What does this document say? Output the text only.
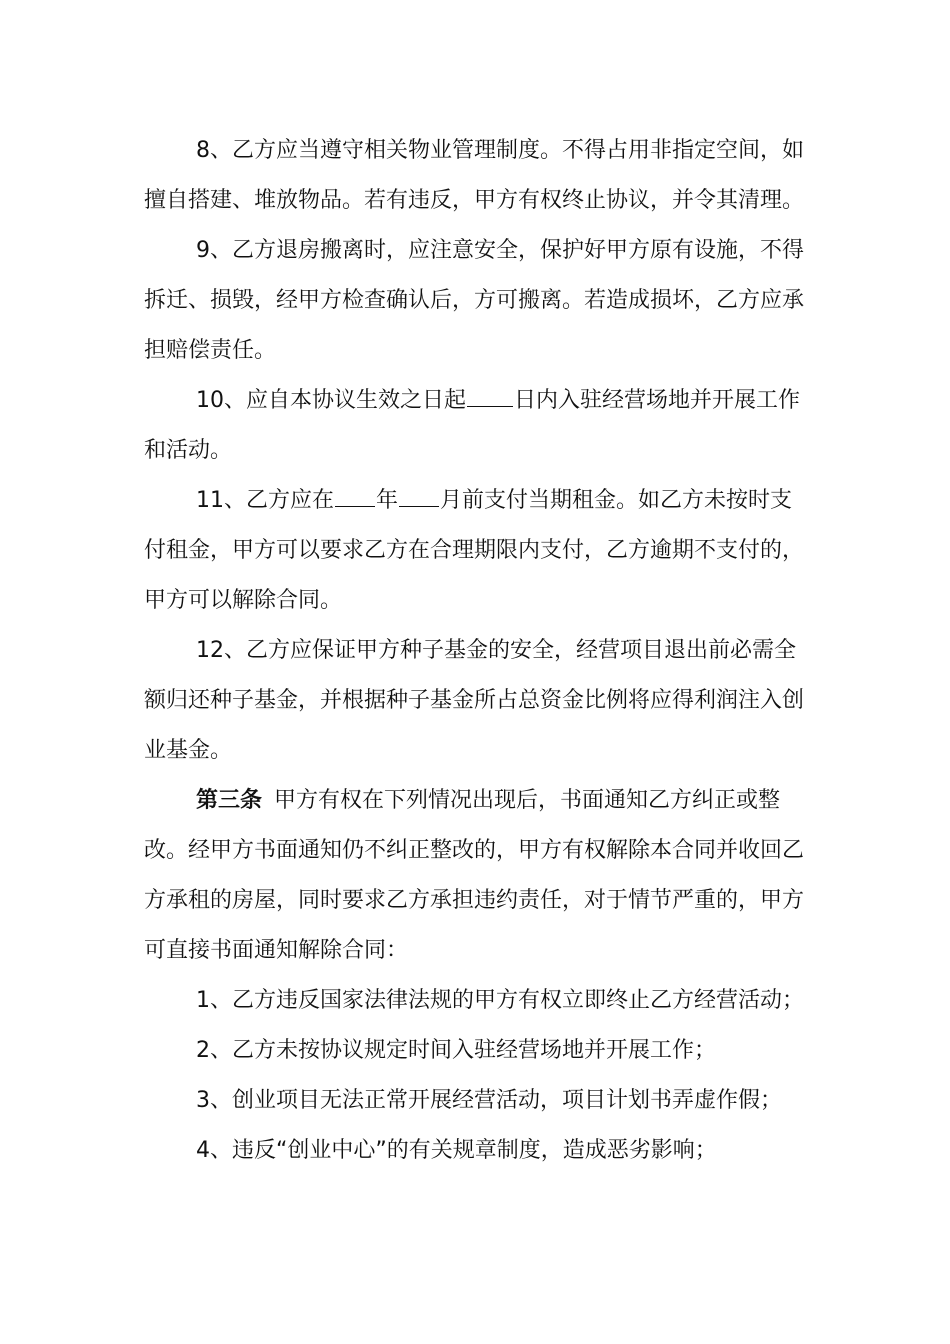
8、乙方应当遵守相关物业管理制度。不得占用非指定空间，如擅自搭建、堆放物品。若有违反，甲方有权终止协议，并令其清理。

9、乙方退房搬离时，应注意安全，保护好甲方原有设施，不得拆迁、损毁，经甲方检查确认后，方可搬离。若造成损坏，乙方应承担赔偿责任。

10、应自本协议生效之日起 日内入驻经营场地并开展工作和活动。

11、乙方应在 年 月前支付当期租金。如乙方未按时支付租金，甲方可以要求乙方在合理期限内支付，乙方逾期不支付的，甲方可以解除合同。

12、乙方应保证甲方种子基金的安全，经营项目退出前必需全额归还种子基金，并根据种子基金所占总资金比例将应得利润注入创业基金。

第三条 甲方有权在下列情况出现后，书面通知乙方纠正或整改。经甲方书面通知仍不纠正整改的，甲方有权解除本合同并收回乙方承租的房屋，同时要求乙方承担违约责任，对于情节严重的，甲方可直接书面通知解除合同：

1、乙方违反国家法律法规的甲方有权立即终止乙方经营活动；

2、乙方未按协议规定时间入驻经营场地并开展工作；

3、创业项目无法正常开展经营活动，项目计划书弄虚作假；

4、违反“创业中心”的有关规章制度，造成恶劣影响；
